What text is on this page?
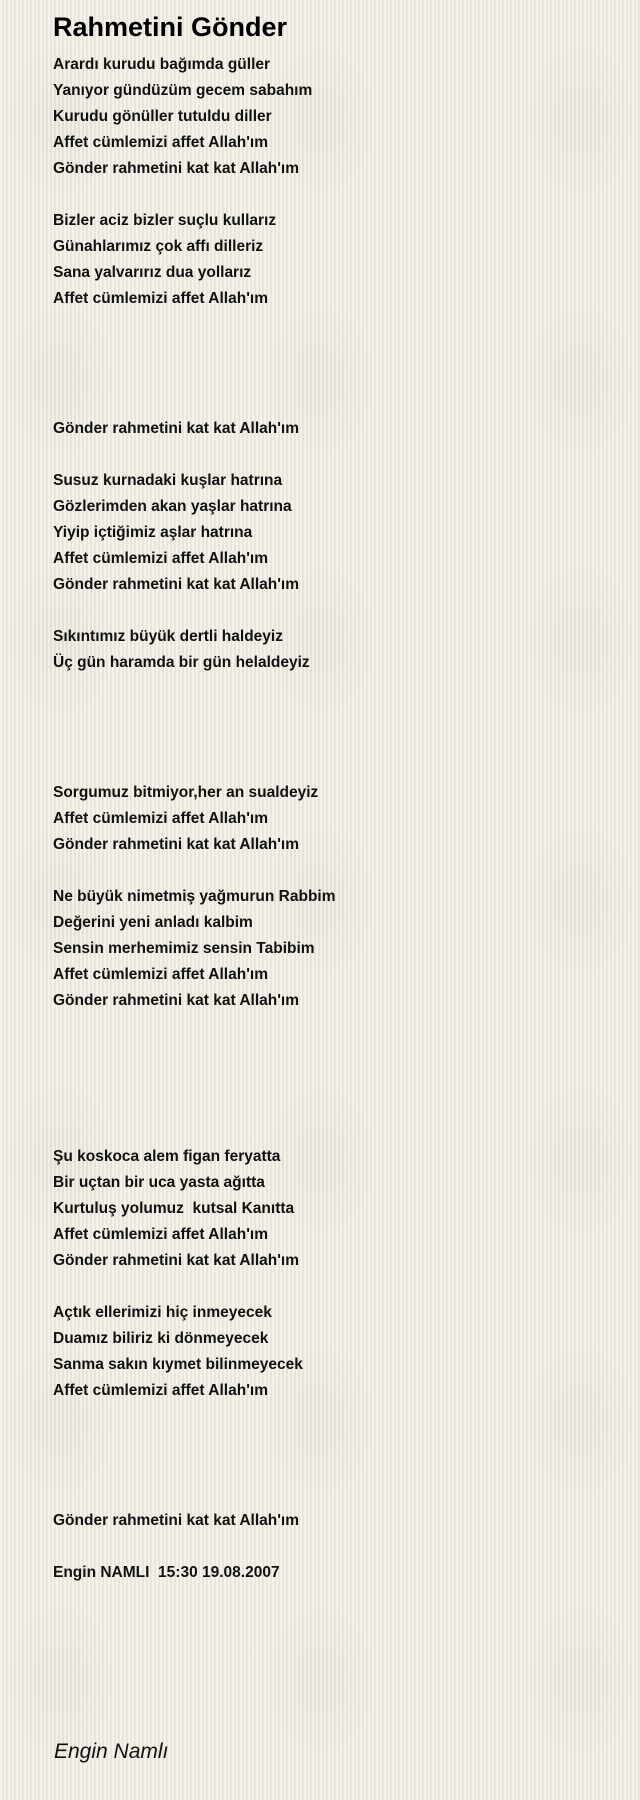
Rahmetini Gönder
Arardı kurudu bağımda güller
Yanıyor gündüzüm gecem sabahım
Kurudu gönüller tutuldu diller
Affet cümlemizi affet Allah'ım
Gönder rahmetini kat kat Allah'ım
Bizler aciz bizler suçlu kullarız
Günahlarımız çok affı dilleriz
Sana yalvarırız dua yollarız
Affet cümlemizi affet Allah'ım
Gönder rahmetini kat kat Allah'ım
Susuz kurnadaki kuşlar hatrına
Gözlerimden akan yaşlar hatrına
Yiyip içtiğimiz aşlar hatrına
Affet cümlemizi affet Allah'ım
Gönder rahmetini kat kat Allah'ım
Sıkıntımız büyük dertli haldeyiz
Üç gün haramda bir gün helaldeyiz
Sorgumuz bitmiyor,her an sualdeyiz
Affet cümlemizi affet Allah'ım
Gönder rahmetini kat kat Allah'ım
Ne büyük nimetmiş yağmurun Rabbim
Değerini yeni anladı kalbim
Sensin merhemimiz sensin Tabibim
Affet cümlemizi affet Allah'ım
Gönder rahmetini kat kat Allah'ım
Şu koskoca alem figan feryatta
Bir uçtan bir uca yasta ağıtta
Kurtuluş yolumuz  kutsal Kanıtta
Affet cümlemizi affet Allah'ım
Gönder rahmetini kat kat Allah'ım
Açtık ellerimizi hiç inmeyecek
Duamız biliriz ki dönmeyecek
Sanma sakın kıymet bilinmeyecek
Affet cümlemizi affet Allah'ım
Gönder rahmetini kat kat Allah'ım
Engin NAMLI  15:30 19.08.2007
Engin Namlı
